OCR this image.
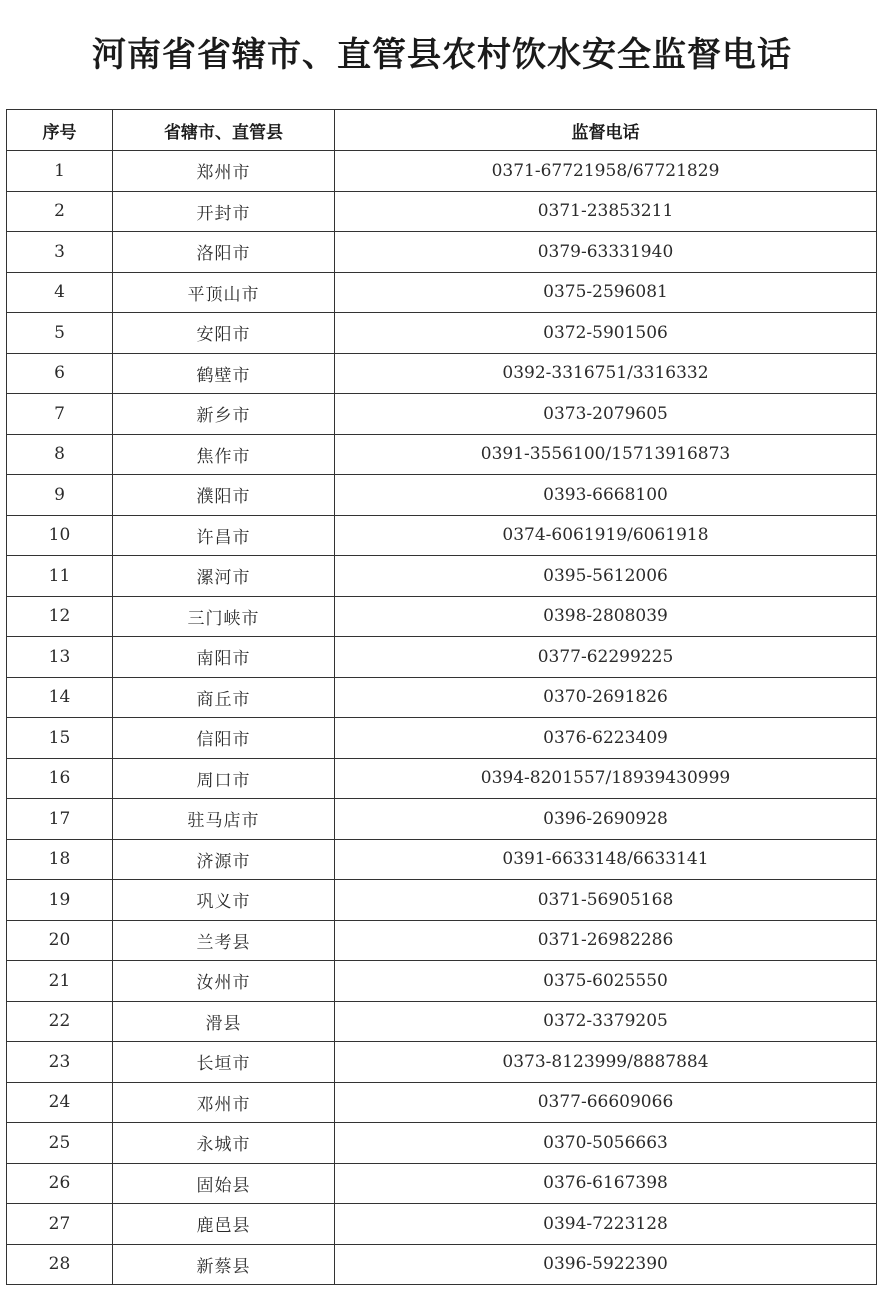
河南省省辖市、直管县农村饮水安全监督电话
序号	省辖市、直管县	监督电话
1	郑州市	0371-67721958/67721829
2	开封市	0371-23853211
3	洛阳市	0379-63331940
4	平顶山市	0375-2596081
5	安阳市	0372-5901506
6	鹤壁市	0392-3316751/3316332
7	新乡市	0373-2079605
8	焦作市	0391-3556100/15713916873
9	濮阳市	0393-6668100
10	许昌市	0374-6061919/6061918
11	漯河市	0395-5612006
12	三门峡市	0398-2808039
13	南阳市	0377-62299225
14	商丘市	0370-2691826
15	信阳市	0376-6223409
16	周口市	0394-8201557/18939430999
17	驻马店市	0396-2690928
18	济源市	0391-6633148/6633141
19	巩义市	0371-56905168
20	兰考县	0371-26982286
21	汝州市	0375-6025550
22	滑县	0372-3379205
23	长垣市	0373-8123999/8887884
24	邓州市	0377-66609066
25	永城市	0370-5056663
26	固始县	0376-6167398
27	鹿邑县	0394-7223128
28	新蔡县	0396-5922390
